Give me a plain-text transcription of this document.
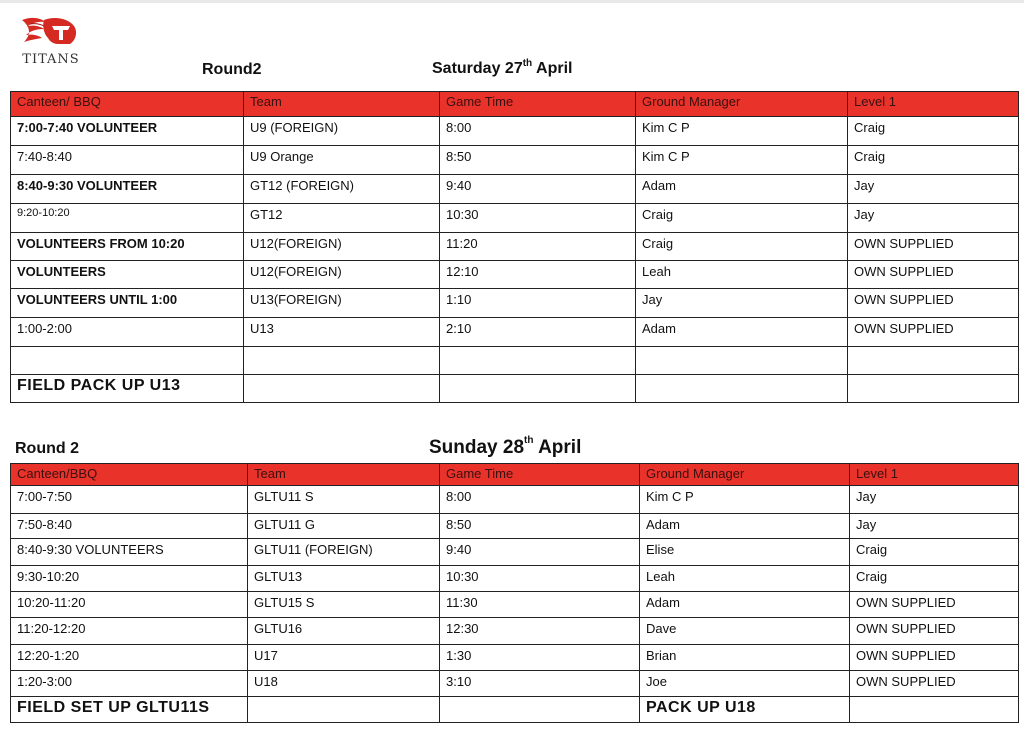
TITANS
Round2	Saturday 27th April
Canteen/ BBQ	Team	Game Time	Ground Manager	Level 1
7:00-7:40 VOLUNTEER	U9 (FOREIGN)	8:00	Kim C P	Craig
7:40-8:40	U9 Orange	8:50	Kim C P	Craig
8:40-9:30 VOLUNTEER	GT12 (FOREIGN)	9:40	Adam	Jay
9:20-10:20	GT12	10:30	Craig	Jay
VOLUNTEERS FROM 10:20	U12(FOREIGN)	11:20	Craig	OWN SUPPLIED
VOLUNTEERS	U12(FOREIGN)	12:10	Leah	OWN SUPPLIED
VOLUNTEERS UNTIL 1:00	U13(FOREIGN)	1:10	Jay	OWN SUPPLIED
1:00-2:00	U13	2:10	Adam	OWN SUPPLIED

FIELD PACK UP U13				
Round 2	Sunday 28th April
Canteen/BBQ	Team	Game Time	Ground Manager	Level 1
7:00-7:50	GLTU11 S	8:00	Kim C P	Jay
7:50-8:40	GLTU11 G	8:50	Adam	Jay
8:40-9:30 VOLUNTEERS	GLTU11 (FOREIGN)	9:40	Elise	Craig
9:30-10:20	GLTU13	10:30	Leah	Craig
10:20-11:20	GLTU15 S	11:30	Adam	OWN SUPPLIED
11:20-12:20	GLTU16	12:30	Dave	OWN SUPPLIED
12:20-1:20	U17	1:30	Brian	OWN SUPPLIED
1:20-3:00	U18	3:10	Joe	OWN SUPPLIED
FIELD SET UP GLTU11S			PACK UP U18	
